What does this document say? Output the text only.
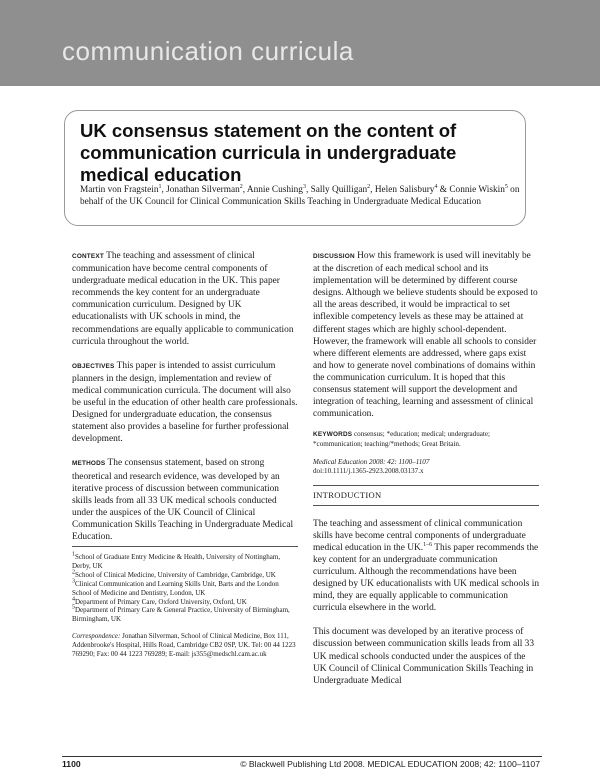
communication curricula
UK consensus statement on the content of communication curricula in undergraduate medical education
Martin von Fragstein$^1$, Jonathan Silverman$^2$, Annie Cushing$^3$, Sally Quilligan$^2$, Helen Salisbury$^4$ & Connie Wiskin$^5$ on behalf of the UK Council for Clinical Communication Skills Teaching in Undergraduate Medical Education

CONTEXT The teaching and assessment of clinical communication have become central components of undergraduate medical education in the UK. This paper recommends the key content for an undergraduate communication curriculum. Designed by UK educationalists with UK schools in mind, the recommendations are equally applicable to communication curricula throughout the world.

OBJECTIVES This paper is intended to assist curriculum planners in the design, implementation and review of medical communication curricula. The document will also be useful in the education of other health care professionals. Designed for undergraduate education, the consensus statement also provides a baseline for further professional development.

METHODS The consensus statement, based on strong theoretical and research evidence, was developed by an iterative process of discussion between communication skills leads from all 33 UK medical schools conducted under the auspices of the UK Council of Clinical Communication Skills Teaching in Undergraduate Medical Education.

DISCUSSION How this framework is used will inevitably be at the discretion of each medical school and its implementation will be determined by different course designs. Although we believe students should be exposed to all the areas described, it would be impractical to set inflexible competency levels as these may be attained at different stages which are highly school-dependent. However, the framework will enable all schools to consider where different elements are addressed, where gaps exist and how to generate novel combinations of domains within the communication curriculum. It is hoped that this consensus statement will support the development and integration of teaching, learning and assessment of clinical communication.

KEYWORDS consensus; *education; medical; undergraduate; *communication; teaching/*methods; Great Britain.

Medical Education 2008: 42: 1100–1107
doi:10.1111/j.1365-2923.2008.03137.x

INTRODUCTION

The teaching and assessment of clinical communication skills have become central components of undergraduate medical education in the UK.$^{1-6}$ This paper recommends the key content for an undergraduate communication curriculum. Although the recommendations have been designed by UK educationalists with UK medical schools in mind, they are equally applicable to communication curricula elsewhere in the world.

This document was developed by an iterative process of discussion between communication skills leads from all 33 UK medical schools conducted under the auspices of the UK Council of Clinical Communication Skills Teaching in Undergraduate Medical

$^1$School of Graduate Entry Medicine & Health, University of Nottingham, Derby, UK

$^2$School of Clinical Medicine, University of Cambridge, Cambridge, UK

$^3$Clinical Communication and Learning Skills Unit, Barts and the London School of Medicine and Dentistry, London, UK

$^4$Department of Primary Care, Oxford University, Oxford, UK

$^5$Department of Primary Care & General Practice, University of Birmingham, Birmingham, UK

Correspondence: Jonathan Silverman, School of Clinical Medicine, Box 111, Addenbrooke's Hospital, Hills Road, Cambridge CB2 0SP, UK. Tel: 00 44 1223 769290; Fax: 00 44 1223 769289; E-mail: js355@medschl.cam.ac.uk

1100	© Blackwell Publishing Ltd 2008. MEDICAL EDUCATION 2008; 42: 1100–1107
